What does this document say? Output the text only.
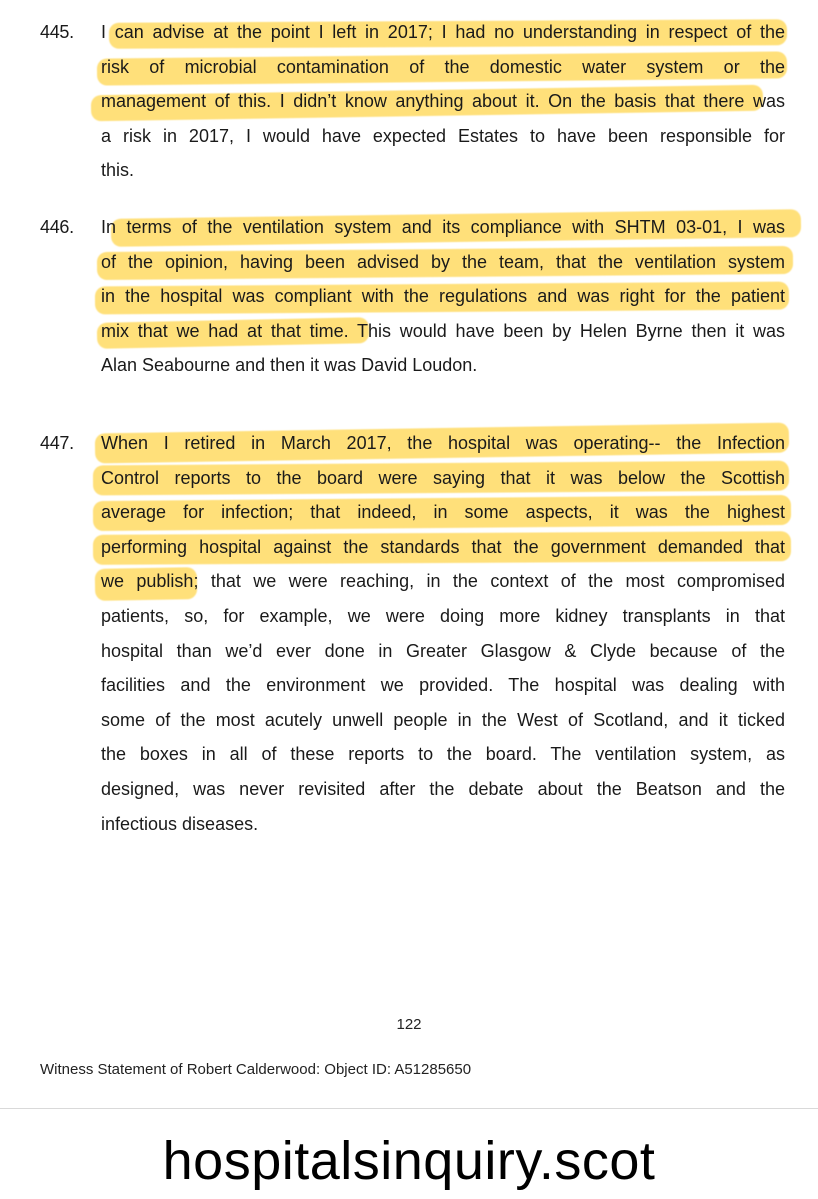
445. I can advise at the point I left in 2017; I had no understanding in respect of the
risk of microbial contamination of the domestic water system or the
management of this. I didn’t know anything about it. On the basis that there was
a risk in 2017, I would have expected Estates to have been responsible for
this.
446. In terms of the ventilation system and its compliance with SHTM 03-01, I was
of the opinion, having been advised by the team, that the ventilation system
in the hospital was compliant with the regulations and was right for the patient
mix that we had at that time. This would have been by Helen Byrne then it was
Alan Seabourne and then it was David Loudon.
447. When I retired in March 2017, the hospital was operating-- the Infection
Control reports to the board were saying that it was below the Scottish
average for infection; that indeed, in some aspects, it was the highest
performing hospital against the standards that the government demanded that
we publish; that we were reaching, in the context of the most compromised
patients, so, for example, we were doing more kidney transplants in that
hospital than we’d ever done in Greater Glasgow & Clyde because of the
facilities and the environment we provided. The hospital was dealing with
some of the most acutely unwell people in the West of Scotland, and it ticked
the boxes in all of these reports to the board. The ventilation system, as
designed, was never revisited after the debate about the Beatson and the
infectious diseases.
122
Witness Statement of Robert Calderwood: Object ID: A51285650
hospitalsinquiry.scot
